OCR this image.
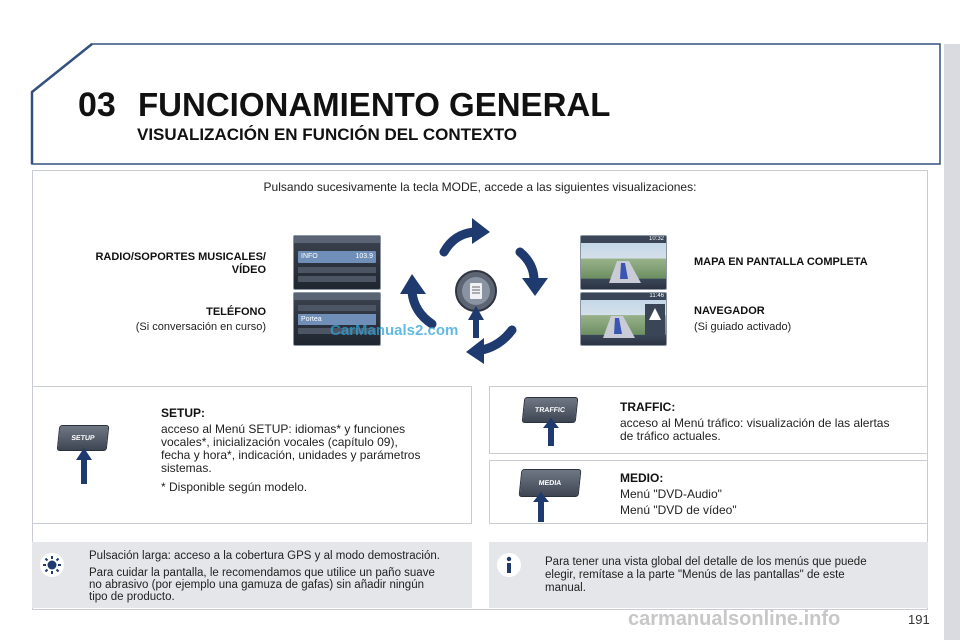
03 FUNCIONAMIENTO GENERAL
VISUALIZACIÓN EN FUNCIÓN DEL CONTEXTO
Pulsando sucesivamente la tecla MODE, accede a las siguientes visualizaciones:
RADIO/SOPORTES MUSICALES/
VÍDEO
TELÉFONO
(Si conversación en curso)
MAPA EN PANTALLA COMPLETA
NAVEGADOR
(Si guiado activado)
INFO	103.9
Portea
10:32
11:46
CarManuals2.com
SETUP
SETUP:
acceso al Menú SETUP: idiomas* y funciones
vocales*, inicialización vocales (capítulo 09),
fecha y hora*, indicación, unidades y parámetros
sistemas.
* Disponible según modelo.
TRAFFIC	TRAFFIC:
acceso al Menú tráfico: visualización de las alertas
de tráfico actuales.
MEDIA	MEDIO:
Menú "DVD-Audio"
Menú "DVD de vídeo"
Pulsación larga: acceso a la cobertura GPS y al modo demostración.
Para cuidar la pantalla, le recomendamos que utilice un paño suave
no abrasivo (por ejemplo una gamuza de gafas) sin añadir ningún
tipo de producto.
Para tener una vista global del detalle de los menús que puede
elegir, remítase a la parte "Menús de las pantallas" de este
manual.
carmanualsonline.info	191
